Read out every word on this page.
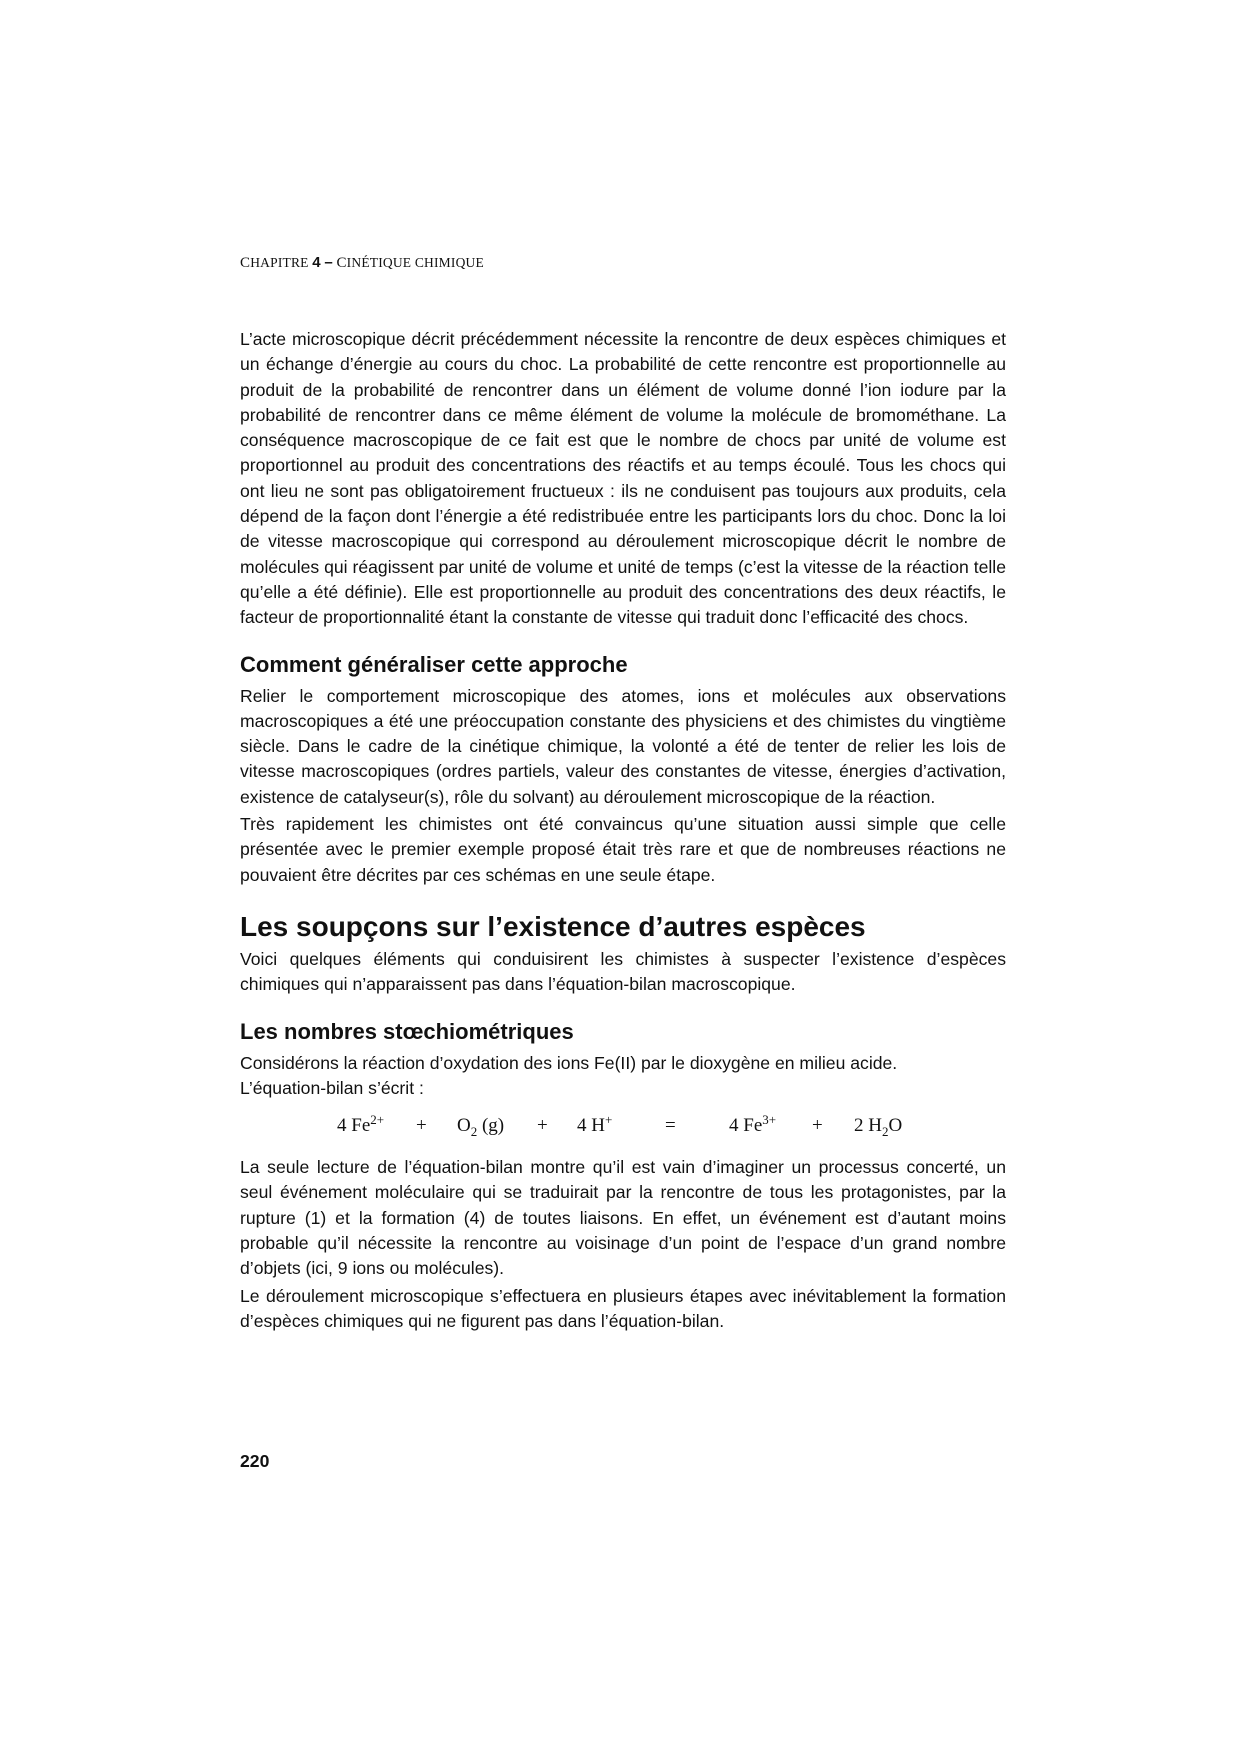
CHAPITRE 4 – CINÉTIQUE CHIMIQUE

L’acte microscopique décrit précédemment nécessite la rencontre de deux espèces chimiques et un échange d’énergie au cours du choc. La probabilité de cette rencontre est proportionnelle au produit de la probabilité de rencontrer dans un élément de volume donné l’ion iodure par la probabilité de rencontrer dans ce même élément de volume la molécule de bromométhane. La conséquence macroscopique de ce fait est que le nombre de chocs par unité de volume est proportionnel au produit des concentrations des réactifs et au temps écoulé. Tous les chocs qui ont lieu ne sont pas obligatoirement fructueux : ils ne conduisent pas toujours aux produits, cela dépend de la façon dont l’énergie a été redistribuée entre les participants lors du choc. Donc la loi de vitesse macroscopique qui correspond au déroulement microscopique décrit le nombre de molécules qui réagissent par unité de volume et unité de temps (c’est la vitesse de la réaction telle qu’elle a été définie). Elle est proportionnelle au produit des concentrations des deux réactifs, le facteur de proportionnalité étant la constante de vitesse qui traduit donc l’efficacité des chocs.

Comment généraliser cette approche

Relier le comportement microscopique des atomes, ions et molécules aux observations macroscopiques a été une préoccupation constante des physiciens et des chimistes du vingtième siècle. Dans le cadre de la cinétique chimique, la volonté a été de tenter de relier les lois de vitesse macroscopiques (ordres partiels, valeur des constantes de vitesse, énergies d’activation, existence de catalyseur(s), rôle du solvant) au déroulement microscopique de la réaction.

Très rapidement les chimistes ont été convaincus qu’une situation aussi simple que celle présentée avec le premier exemple proposé était très rare et que de nombreuses réactions ne pouvaient être décrites par ces schémas en une seule étape.

Les soupçons sur l’existence d’autres espèces

Voici quelques éléments qui conduisirent les chimistes à suspecter l’existence d’espèces chimiques qui n’apparaissent pas dans l’équation-bilan macroscopique.

Les nombres stœchiométriques

Considérons la réaction d’oxydation des ions Fe(II) par le dioxygène en milieu acide.

L’équation-bilan s’écrit :

4 $Fe^{2+} + O_2$ (g) + 4 H+	=	4 $Fe^{3+} + 2$ $H_2O$

La seule lecture de l’équation-bilan montre qu’il est vain d’imaginer un processus concerté, un seul événement moléculaire qui se traduirait par la rencontre de tous les protagonistes, par la rupture (1) et la formation (4) de toutes liaisons. En effet, un événement est d’autant moins probable qu’il nécessite la rencontre au voisinage d’un point de l’espace d’un grand nombre d’objets (ici, 9 ions ou molécules).

Le déroulement microscopique s’effectuera en plusieurs étapes avec inévitablement la formation d’espèces chimiques qui ne figurent pas dans l’équation-bilan.

220
